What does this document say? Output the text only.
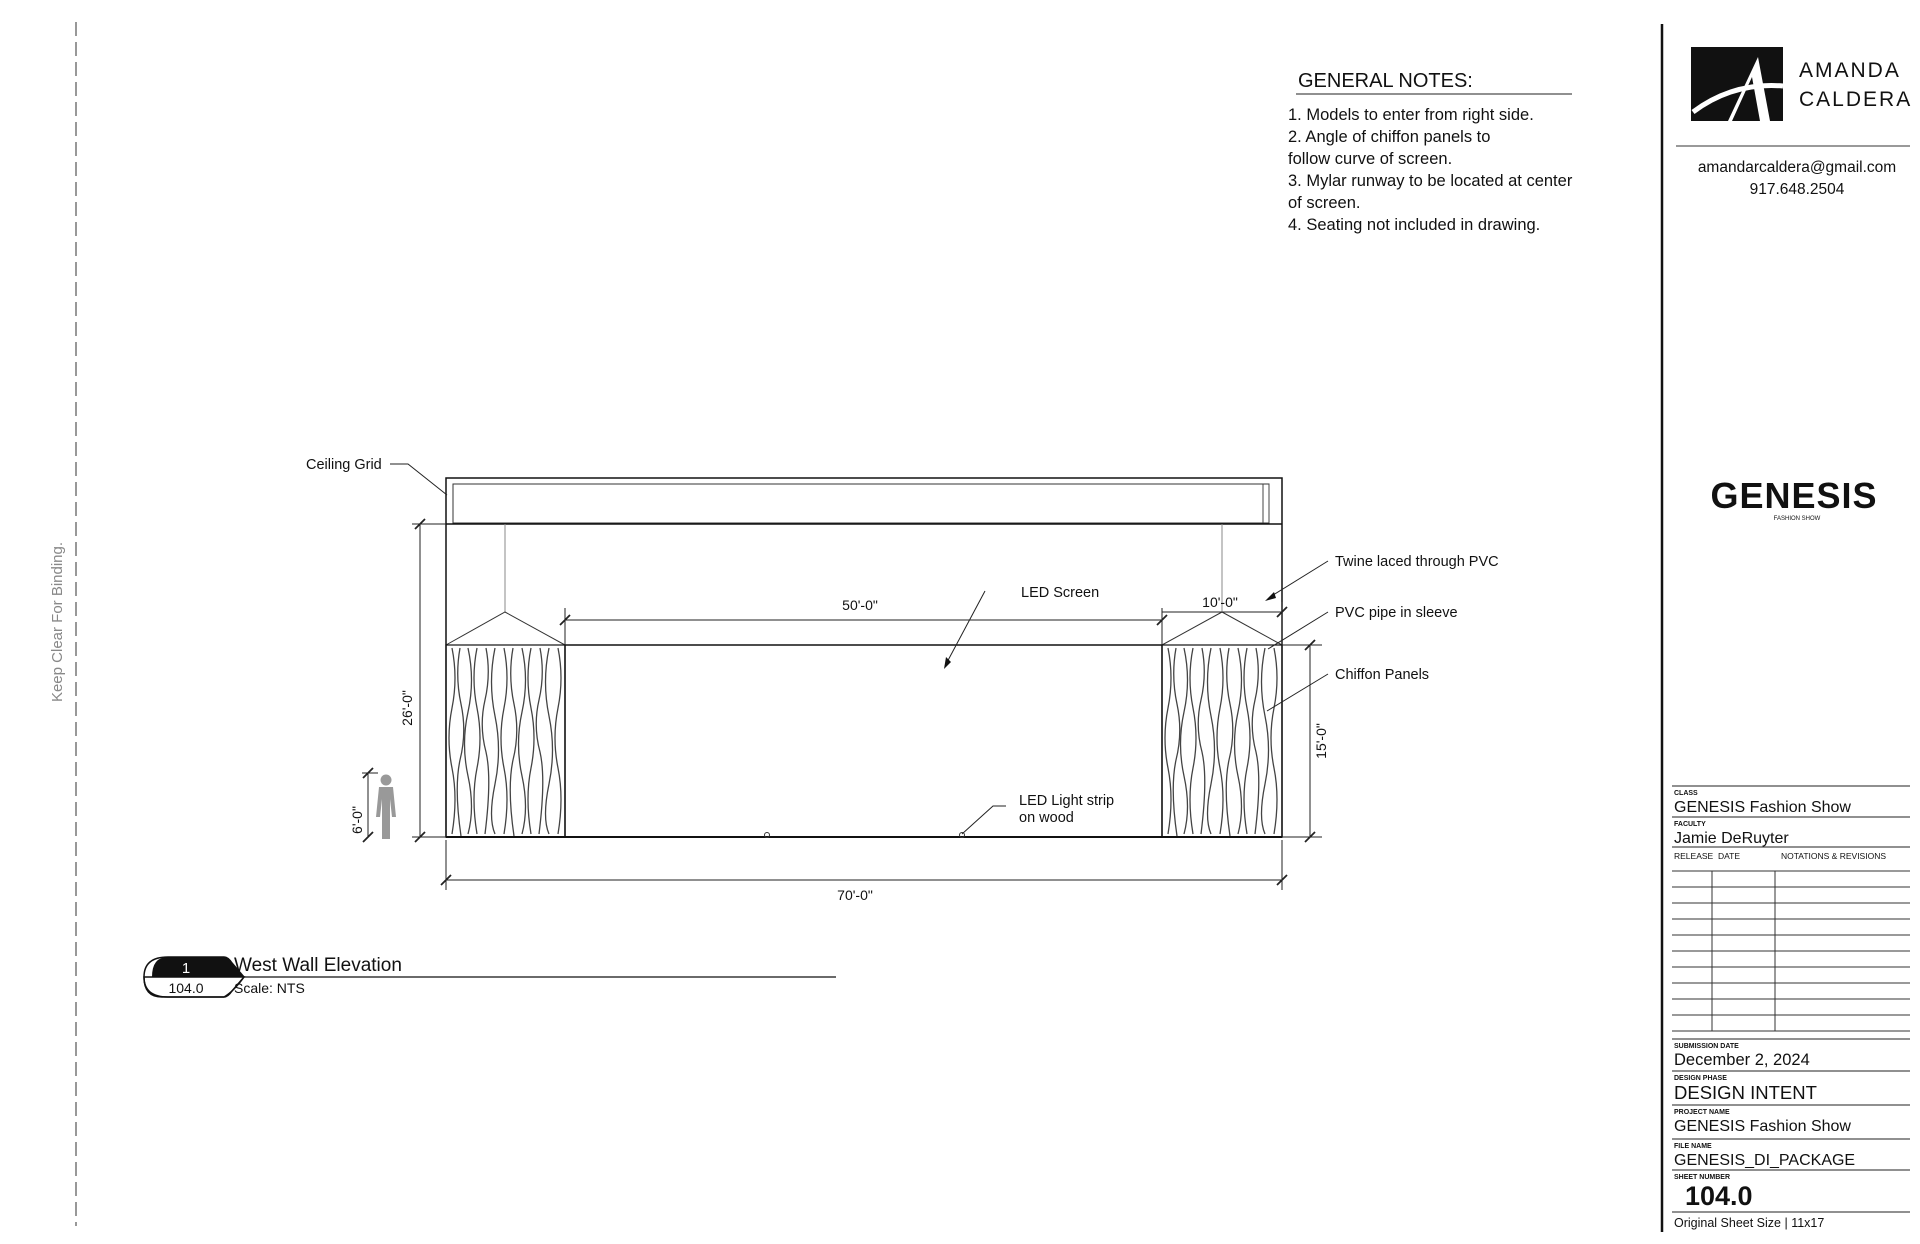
Keep Clear For Binding.
GENERAL NOTES:
1. Models to enter from right side.
2. Angle of chiffon panels to
follow curve of screen.
3. Mylar runway to be located at center
of screen.
4. Seating not included in drawing.
50'-0"	10'-0"
26'-0"
15'-0"
6'-0"
70'-0"
Ceiling Grid
LED Screen
Twine laced through PVC
PVC pipe in sleeve
Chiffon Panels
LED Light strip
on wood
1
104.0
West Wall Elevation
Scale: NTS
AMANDA
CALDERA
amandarcaldera@gmail.com
917.648.2504
GENESIS
FASHION SHOW
CLASS
GENESIS Fashion Show
FACULTY
Jamie DeRuyter
RELEASE DATE	NOTATIONS & REVISIONS
SUBMISSION DATE
December 2, 2024
DESIGN PHASE
DESIGN INTENT
PROJECT NAME
GENESIS Fashion Show
FILE NAME
GENESIS_DI_PACKAGE
SHEET NUMBER
104.0
Original Sheet Size | 11x17
